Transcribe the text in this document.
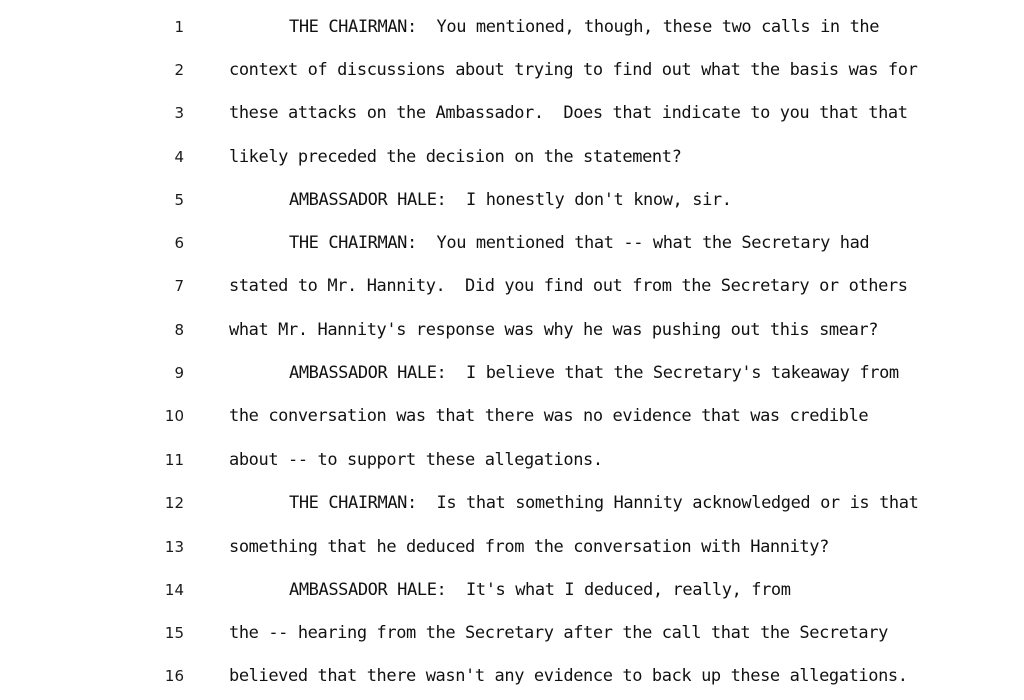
1	THE CHAIRMAN:  You mentioned, though, these two calls in the
2	context of discussions about trying to find out what the basis was for
3	these attacks on the Ambassador.  Does that indicate to you that that
4	likely preceded the decision on the statement?
5	AMBASSADOR HALE:  I honestly don't know, sir.
6	THE CHAIRMAN:  You mentioned that -- what the Secretary had
7	stated to Mr. Hannity.  Did you find out from the Secretary or others
8	what Mr. Hannity's response was why he was pushing out this smear?
9	AMBASSADOR HALE:  I believe that the Secretary's takeaway from
10	the conversation was that there was no evidence that was credible
11	about -- to support these allegations.
12	THE CHAIRMAN:  Is that something Hannity acknowledged or is that
13	something that he deduced from the conversation with Hannity?
14	AMBASSADOR HALE:  It's what I deduced, really, from
15	the -- hearing from the Secretary after the call that the Secretary
16	believed that there wasn't any evidence to back up these allegations.
